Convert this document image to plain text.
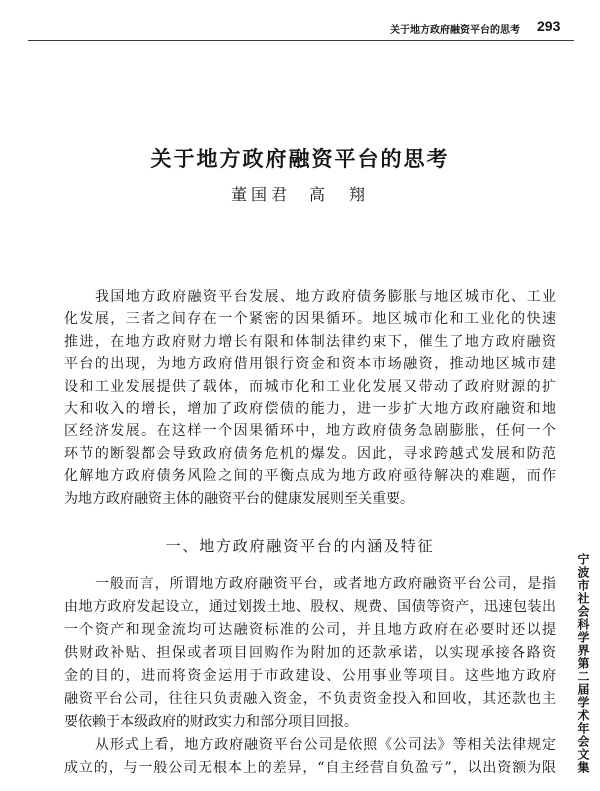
关于地方政府融资平台的思考 293
关于地方政府融资平台的思考
董国君 高　翔
我国地方政府融资平台发展、地方政府债务膨胀与地区城市化、工业
化发展，三者之间存在一个紧密的因果循环。地区城市化和工业化的快速
推进，在地方政府财力增长有限和体制法律约束下，催生了地方政府融资
平台的出现，为地方政府借用银行资金和资本市场融资，推动地区城市建
设和工业发展提供了载体，而城市化和工业化发展又带动了政府财源的扩
大和收入的增长，增加了政府偿债的能力，进一步扩大地方政府融资和地
区经济发展。在这样一个因果循环中，地方政府债务急剧膨胀，任何一个
环节的断裂都会导致政府债务危机的爆发。因此，寻求跨越式发展和防范
化解地方政府债务风险之间的平衡点成为地方政府亟待解决的难题，而作
为地方政府融资主体的融资平台的健康发展则至关重要。
一、地方政府融资平台的内涵及特征
一般而言，所谓地方政府融资平台，或者地方政府融资平台公司，是指
由地方政府发起设立，通过划拨土地、股权、规费、国债等资产，迅速包装出
一个资产和现金流均可达融资标准的公司，并且地方政府在必要时还以提
供财政补贴、担保或者项目回购作为附加的还款承诺，以实现承接各路资
金的目的，进而将资金运用于市政建设、公用事业等项目。这些地方政府
融资平台公司，往往只负责融入资金，不负责资金投入和回收，其还款也主
要依赖于本级政府的财政实力和部分项目回报。
从形式上看，地方政府融资平台公司是依照《公司法》等相关法律规定
成立的，与一般公司无根本上的差异，“自主经营自负盈亏”，以出资额为限 宁波市社会科学界第二届学术年会文集
